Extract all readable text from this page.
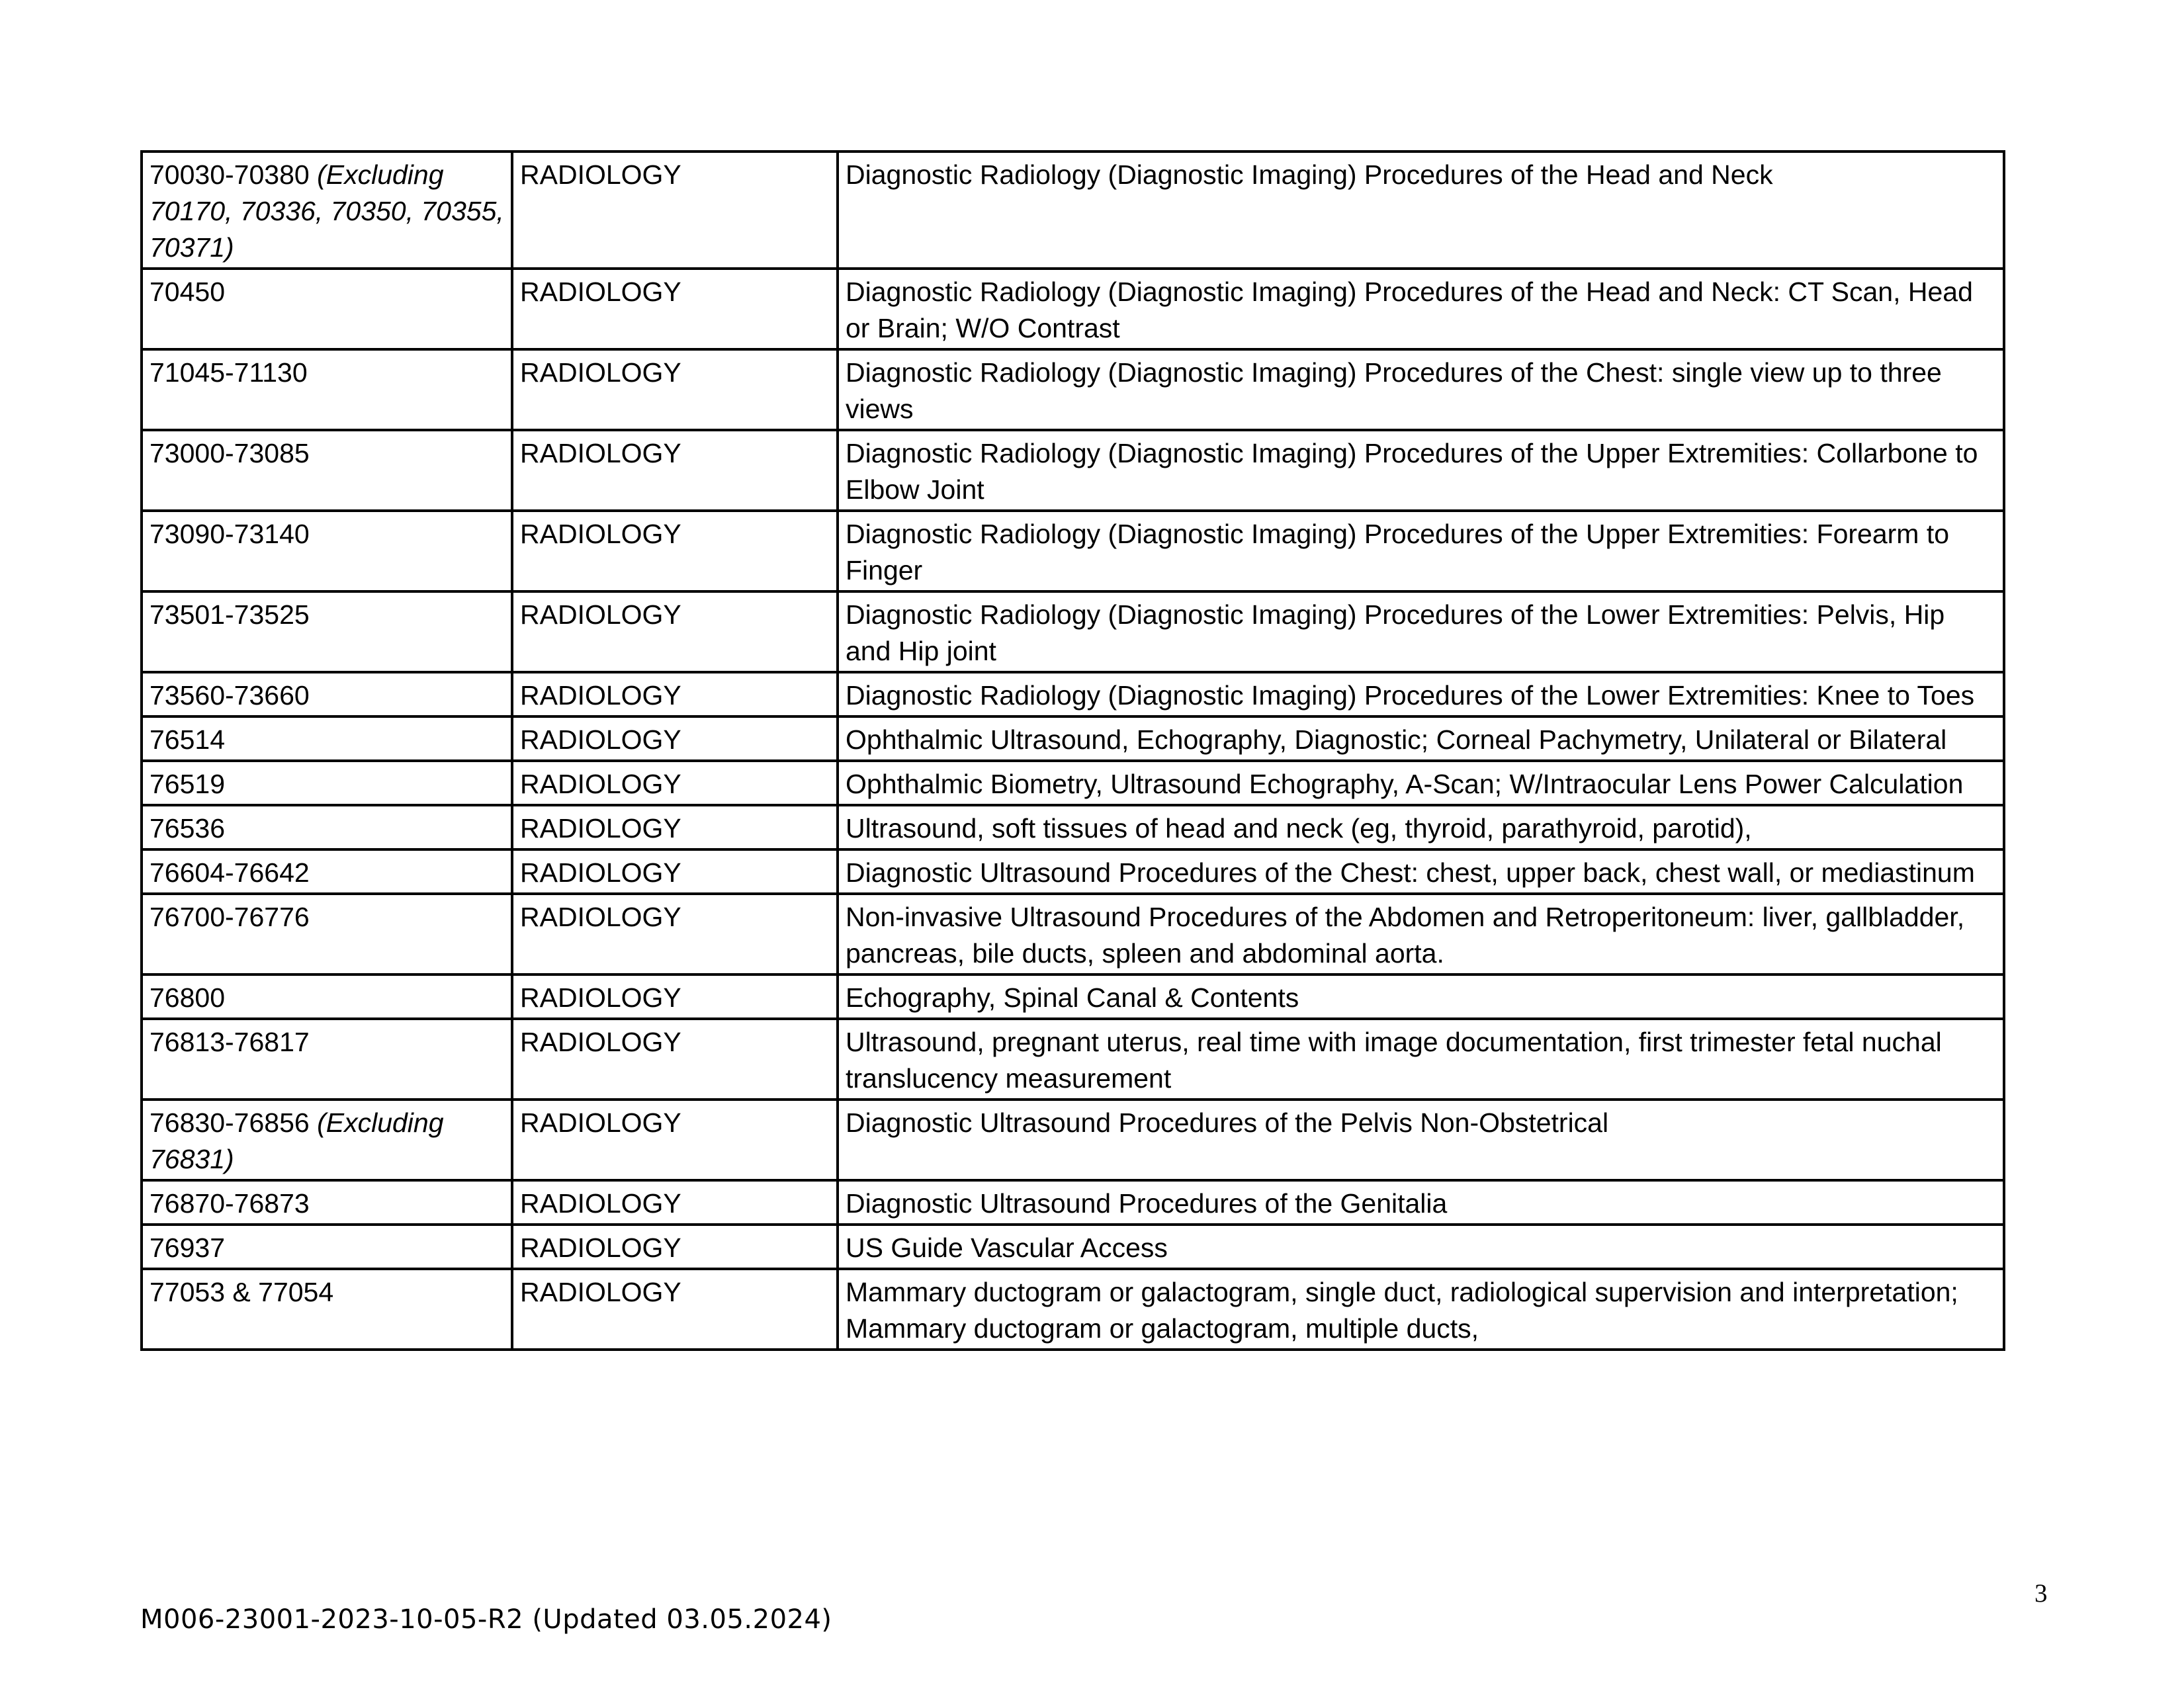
70030-70380 (Excluding 70170, 70336, 70350, 70355, 70371)	RADIOLOGY	Diagnostic Radiology (Diagnostic Imaging) Procedures of the Head and Neck
70450	RADIOLOGY	Diagnostic Radiology (Diagnostic Imaging) Procedures of the Head and Neck: CT Scan, Head or Brain; W/O Contrast
71045-71130	RADIOLOGY	Diagnostic Radiology (Diagnostic Imaging) Procedures of the Chest: single view up to three views
73000-73085	RADIOLOGY	Diagnostic Radiology (Diagnostic Imaging) Procedures of the Upper Extremities: Collarbone to Elbow Joint
73090-73140	RADIOLOGY	Diagnostic Radiology (Diagnostic Imaging) Procedures of the Upper Extremities: Forearm to Finger
73501-73525	RADIOLOGY	Diagnostic Radiology (Diagnostic Imaging) Procedures of the Lower Extremities: Pelvis, Hip and Hip joint
73560-73660	RADIOLOGY	Diagnostic Radiology (Diagnostic Imaging) Procedures of the Lower Extremities: Knee to Toes
76514	RADIOLOGY	Ophthalmic Ultrasound, Echography, Diagnostic; Corneal Pachymetry, Unilateral or Bilateral
76519	RADIOLOGY	Ophthalmic Biometry, Ultrasound Echography, A-Scan; W/Intraocular Lens Power Calculation
76536	RADIOLOGY	Ultrasound, soft tissues of head and neck (eg, thyroid, parathyroid, parotid),
76604-76642	RADIOLOGY	Diagnostic Ultrasound Procedures of the Chest: chest, upper back, chest wall, or mediastinum
76700-76776	RADIOLOGY	Non-invasive Ultrasound Procedures of the Abdomen and Retroperitoneum: liver, gallbladder, pancreas, bile ducts, spleen and abdominal aorta.
76800	RADIOLOGY	Echography, Spinal Canal & Contents
76813-76817	RADIOLOGY	Ultrasound, pregnant uterus, real time with image documentation, first trimester fetal nuchal translucency measurement
76830-76856 (Excluding 76831)	RADIOLOGY	Diagnostic Ultrasound Procedures of the Pelvis Non-Obstetrical
76870-76873	RADIOLOGY	Diagnostic Ultrasound Procedures of the Genitalia
76937	RADIOLOGY	US Guide Vascular Access
77053 & 77054	RADIOLOGY	Mammary ductogram or galactogram, single duct, radiological supervision and interpretation; Mammary ductogram or galactogram, multiple ducts,
3
M006-23001-2023-10-05-R2 (Updated 03.05.2024)
